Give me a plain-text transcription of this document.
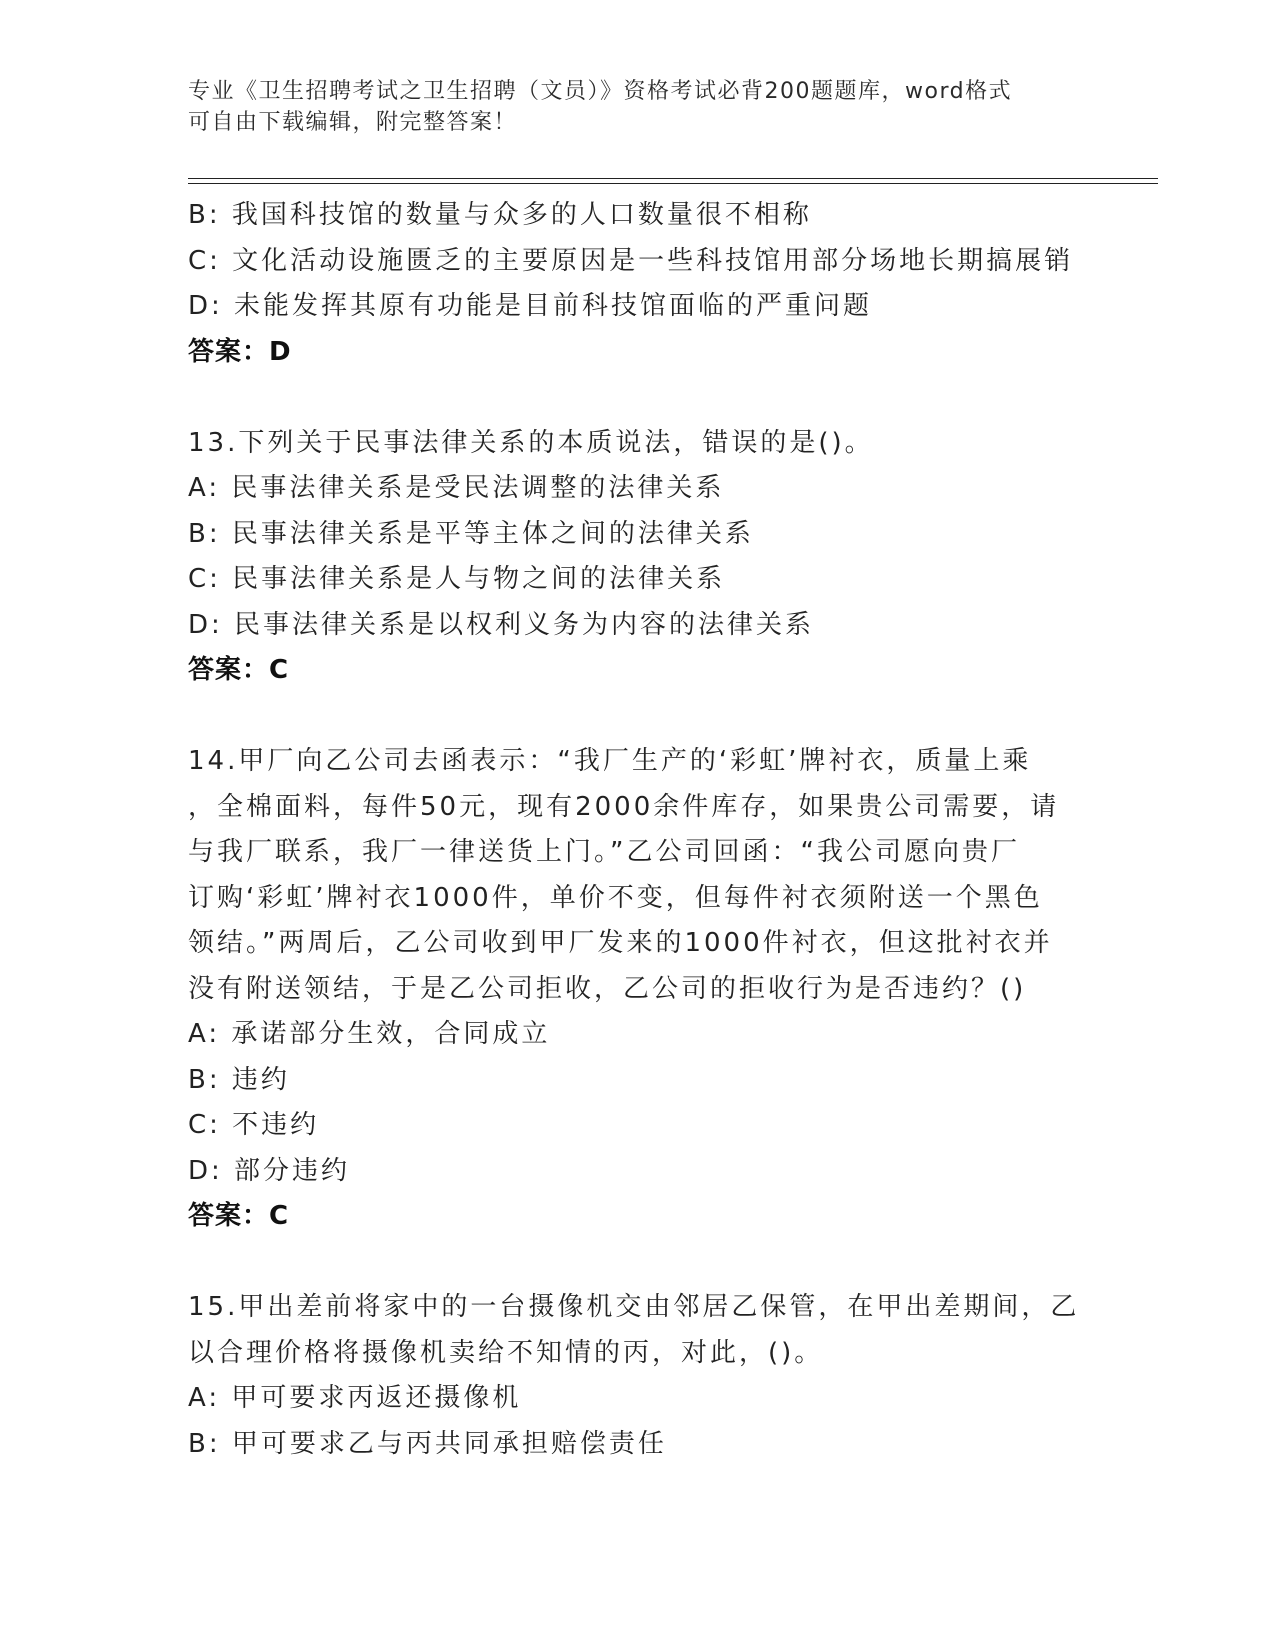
专业《卫生招聘考试之卫生招聘（文员）》资格考试必背200题题库，word格式
可自由下载编辑，附完整答案！
B: 我国科技馆的数量与众多的人口数量很不相称
C: 文化活动设施匮乏的主要原因是一些科技馆用部分场地长期搞展销
D: 未能发挥其原有功能是目前科技馆面临的严重问题
答案：D
13.下列关于民事法律关系的本质说法，错误的是()。
A: 民事法律关系是受民法调整的法律关系
B: 民事法律关系是平等主体之间的法律关系
C: 民事法律关系是人与物之间的法律关系
D: 民事法律关系是以权利义务为内容的法律关系
答案：C
14.甲厂向乙公司去函表示：“我厂生产的‘彩虹’牌衬衣，质量上乘
，全棉面料，每件50元，现有2000余件库存，如果贵公司需要，请
与我厂联系，我厂一律送货上门。”乙公司回函：“我公司愿向贵厂
订购‘彩虹’牌衬衣1000件，单价不变，但每件衬衣须附送一个黑色
领结。”两周后，乙公司收到甲厂发来的1000件衬衣，但这批衬衣并
没有附送领结，于是乙公司拒收，乙公司的拒收行为是否违约？()
A: 承诺部分生效，合同成立
B: 违约
C: 不违约
D: 部分违约
答案：C
15.甲出差前将家中的一台摄像机交由邻居乙保管，在甲出差期间，乙
以合理价格将摄像机卖给不知情的丙，对此，()。
A: 甲可要求丙返还摄像机
B: 甲可要求乙与丙共同承担赔偿责任
